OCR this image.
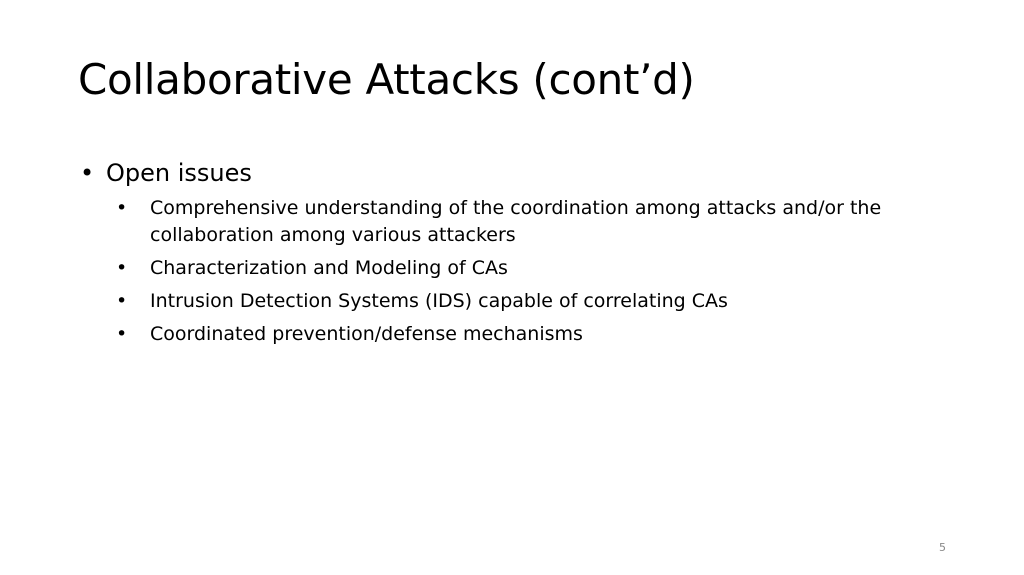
Collaborative Attacks (cont’d)
• Open issues
• Comprehensive understanding of the coordination among attacks and/or the collaboration among various attackers
• Characterization and Modeling of CAs
• Intrusion Detection Systems (IDS) capable of correlating CAs
• Coordinated prevention/defense mechanisms
5
